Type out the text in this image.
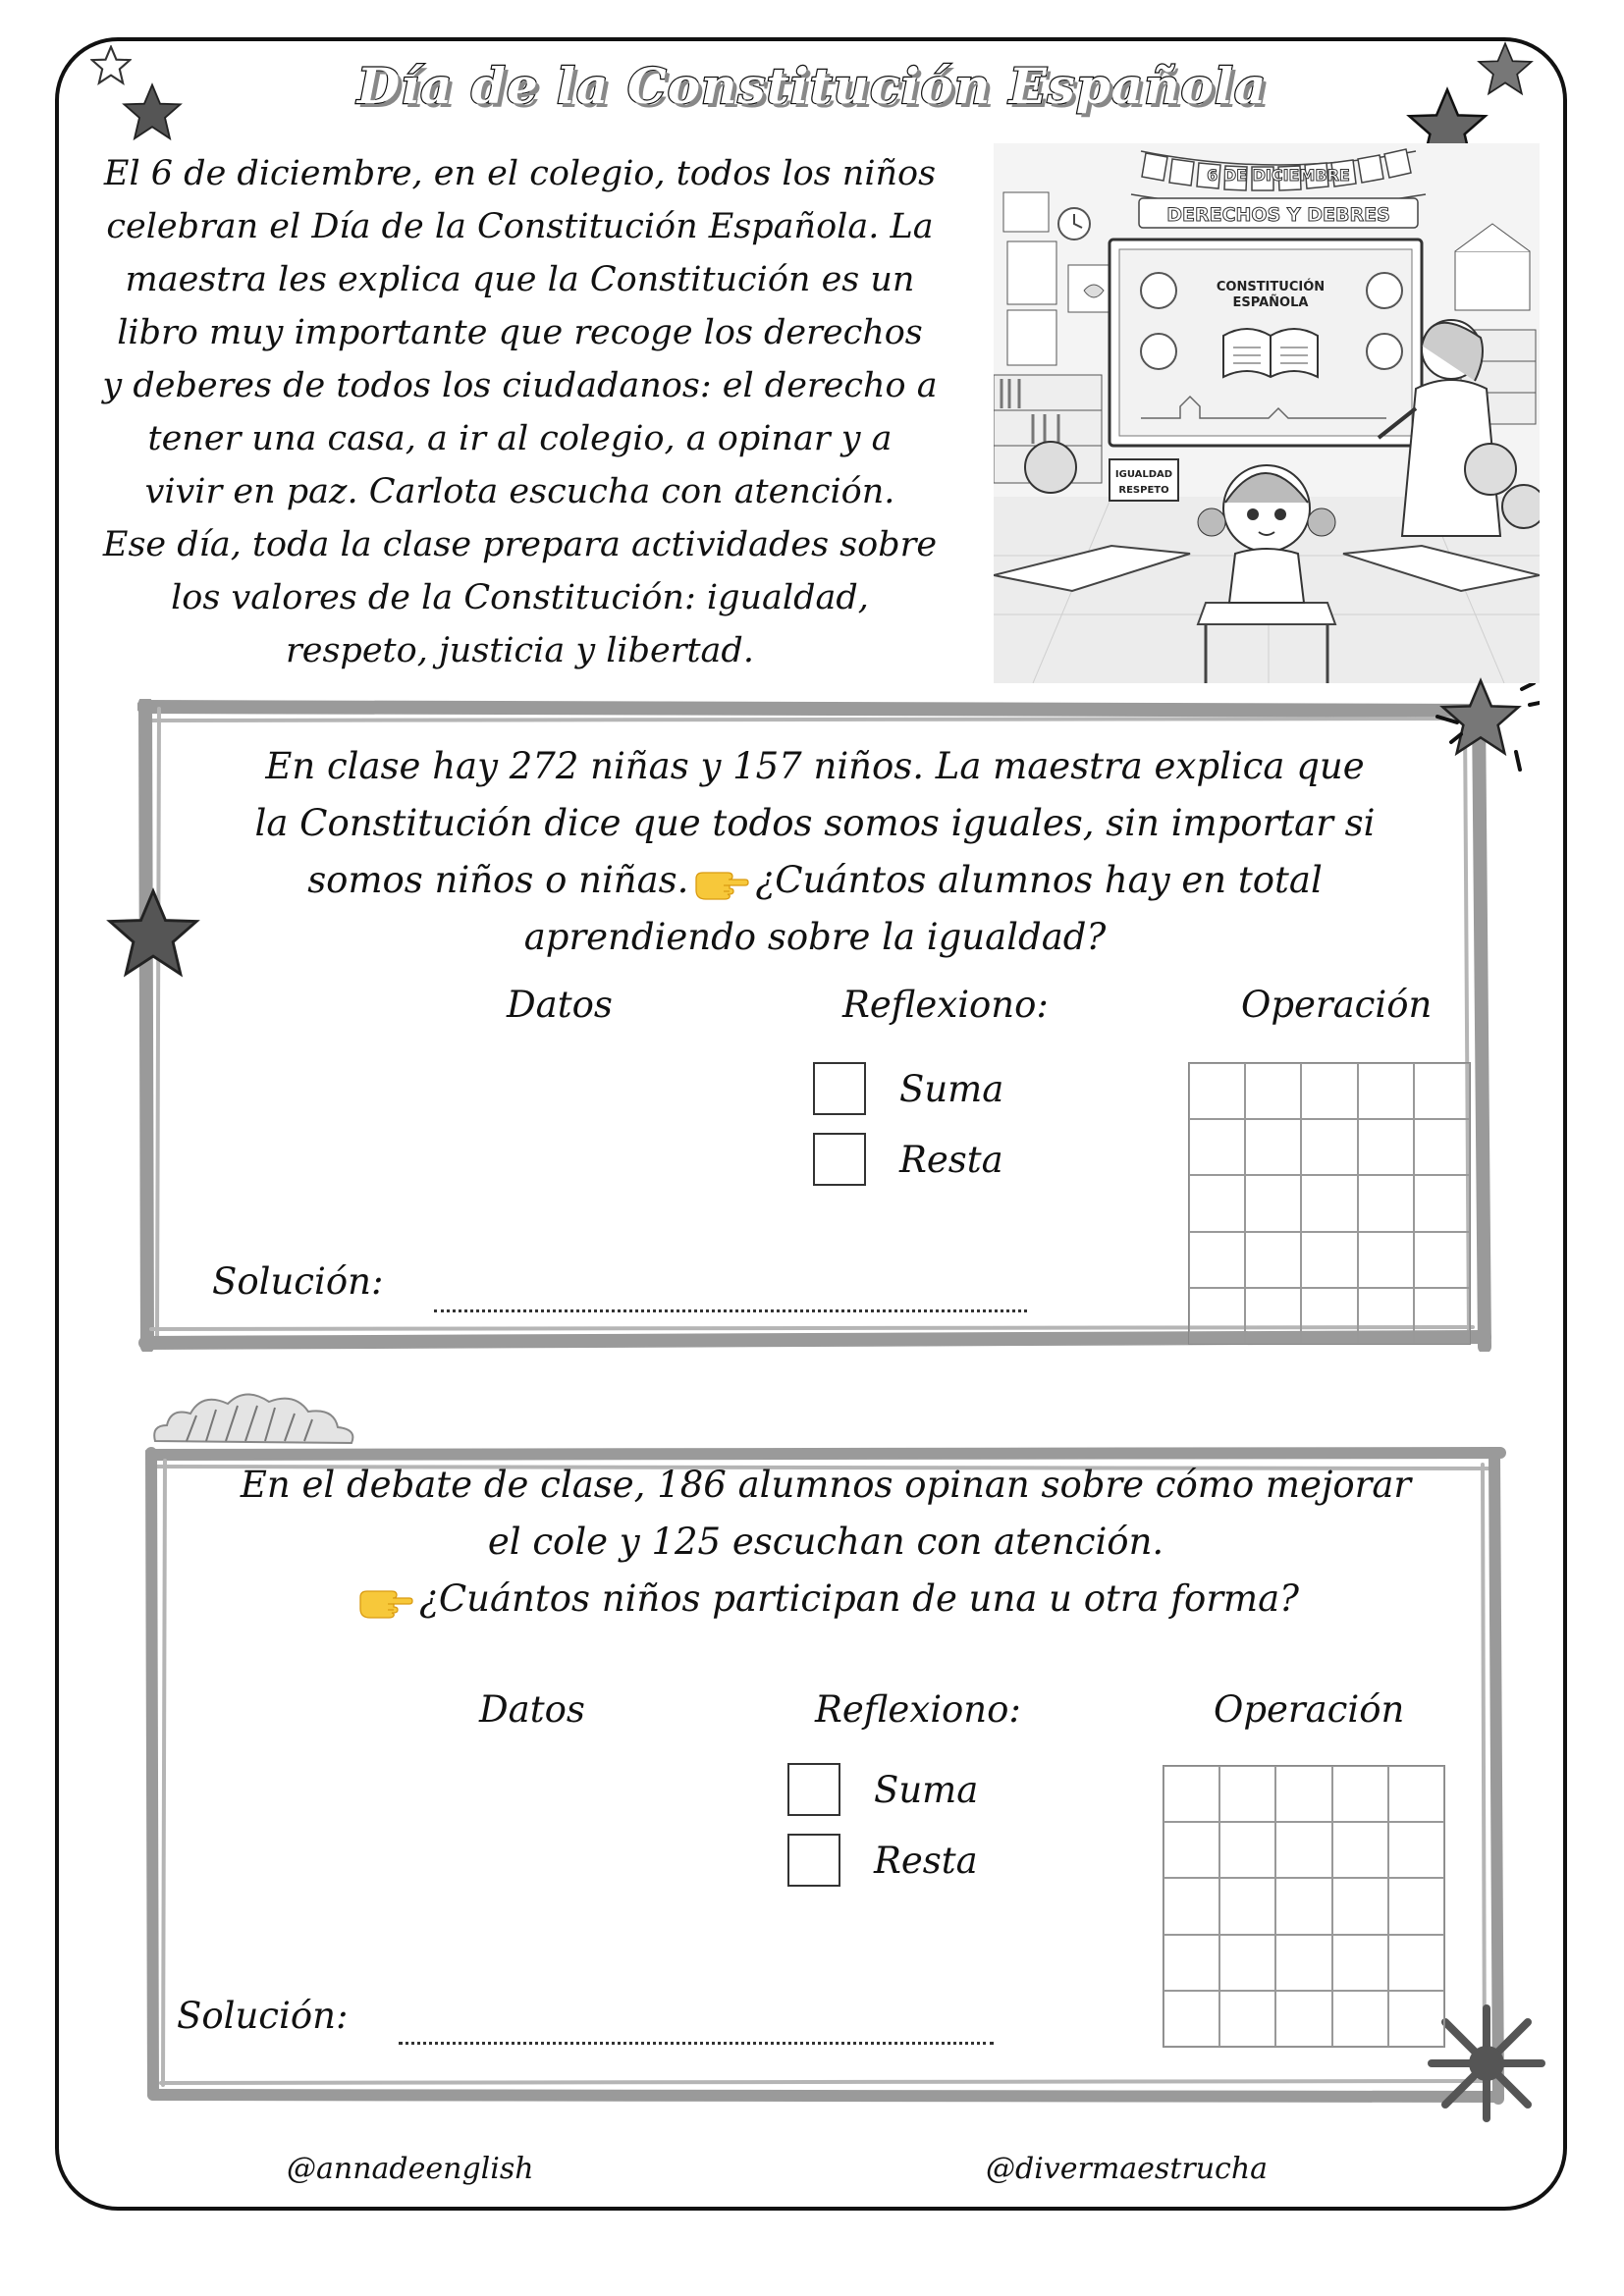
Día de la Constitución Española

El 6 de diciembre, en el colegio, todos los niños
celebran el Día de la Constitución Española. La
maestra les explica que la Constitución es un
libro muy importante que recoge los derechos
y deberes de todos los ciudadanos: el derecho a
tener una casa, a ir al colegio, a opinar y a
vivir en paz. Carlota escucha con atención.
Ese día, toda la clase prepara actividades sobre
los valores de la Constitución: igualdad,
respeto, justicia y libertad.

6 DE DICIEMBRE
DERECHOS Y DEBRES
CONSTITUCIÓN
ESPAÑOLA
IGUALDAD
RESPETO

En clase hay 272 niñas y 157 niños. La maestra explica que
la Constitución dice que todos somos iguales, sin importar si
somos niños o niñas. ¿Cuántos alumnos hay en total
aprendiendo sobre la igualdad?

Datos	Reflexiono:	Operación
Suma
Resta
Solución:

En el debate de clase, 186 alumnos opinan sobre cómo mejorar
el cole y 125 escuchan con atención.
¿Cuántos niños participan de una u otra forma?

Datos	Reflexiono:	Operación
Suma
Resta
Solución:
@annadeenglish	@divermaestrucha
